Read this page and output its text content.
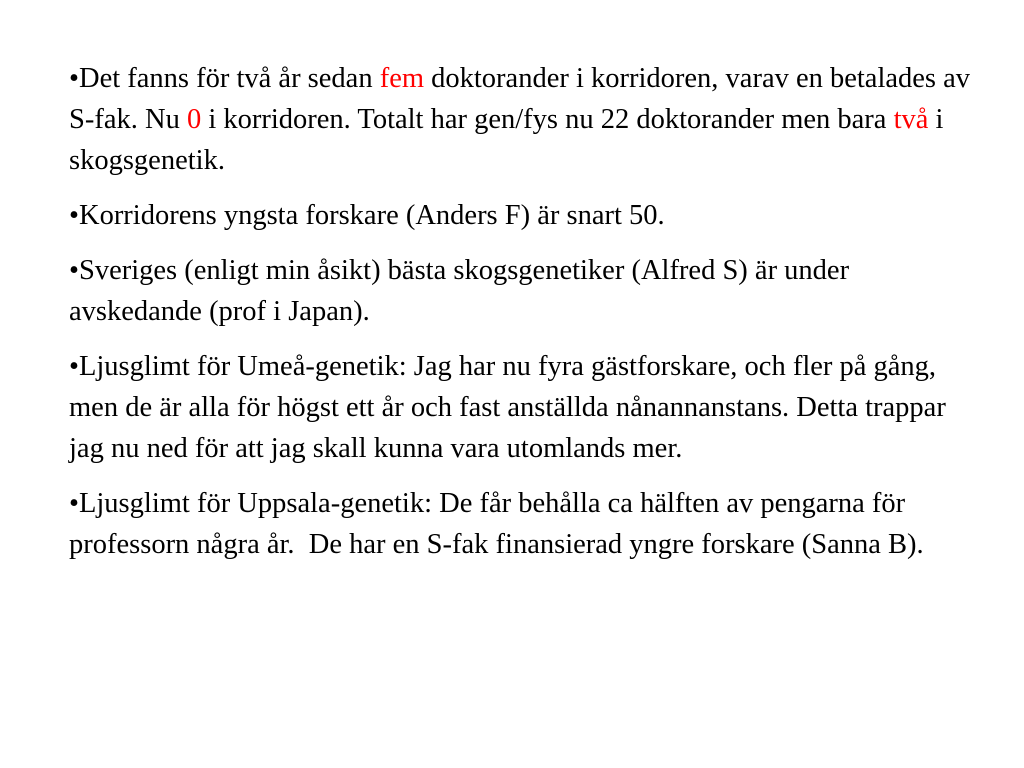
•Det fanns för två år sedan fem doktorander i korridoren, varav en betalades av S-fak. Nu 0 i korridoren. Totalt har gen/fys nu 22 doktorander men bara två i skogsgenetik.

•Korridorens yngsta forskare (Anders F) är snart 50.

•Sveriges (enligt min åsikt) bästa skogsgenetiker (Alfred S) är under avskedande (prof i Japan).

•Ljusglimt för Umeå-genetik: Jag har nu fyra gästforskare, och fler på gång, men de är alla för högst ett år och fast anställda nånannanstans. Detta trappar jag nu ned för att jag skall kunna vara utomlands mer.

•Ljusglimt för Uppsala-genetik: De får behålla ca hälften av pengarna för professorn några år.  De har en S-fak finansierad yngre forskare (Sanna B).
